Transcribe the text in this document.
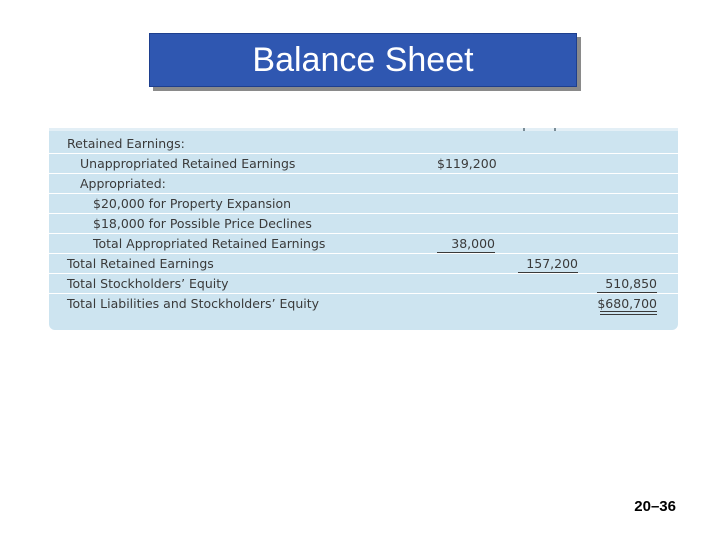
Balance Sheet
Retained Earnings:
Unappropriated Retained Earnings	$119,200
Appropriated:
$20,000 for Property Expansion
$18,000 for Possible Price Declines
Total Appropriated Retained Earnings	38,000
Total Retained Earnings	157,200
Total Stockholders’ Equity	510,850
Total Liabilities and Stockholders’ Equity	$680,700
20–36
